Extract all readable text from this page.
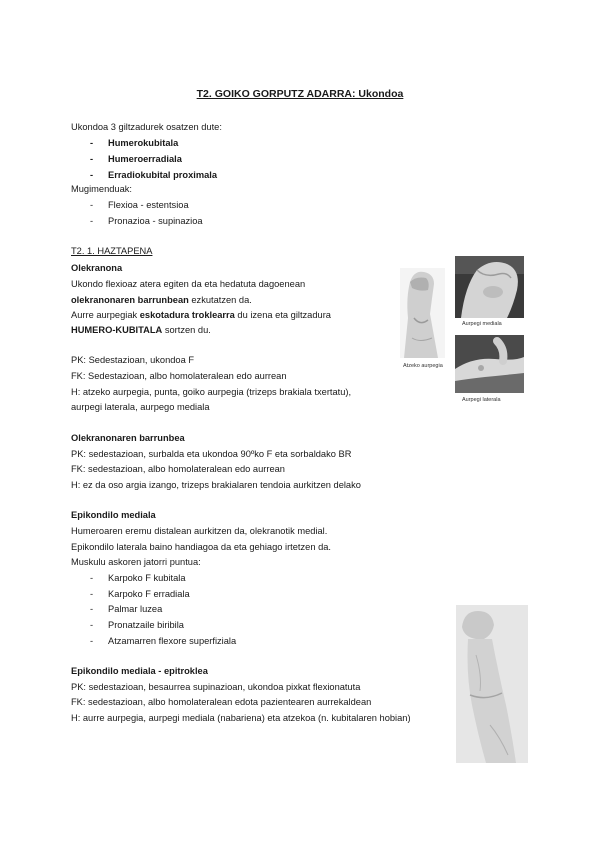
T2. GOIKO GORPUTZ ADARRA: Ukondoa
Ukondoa 3 giltzadurek osatzen dute:
- Humerokubitala
- Humeroerradiala
- Erradiokubital proximala
Mugimenduak:
- Flexioa - estentsioa
- Pronazioa - supinazioa
T2. 1. HAZTAPENA
Olekranona
Ukondo flexioaz atera egiten da eta hedatuta dagoenean
olekranonaren barrunbean ezkutatzen da.
Aurre aurpegiak eskotadura troklearra du izena eta giltzadura
HUMERO-KUBITALA sortzen du.
PK: Sedestazioan, ukondoa F
FK: Sedestazioan, albo homolateralean edo aurrean
H: atzeko aurpegia, punta, goiko aurpegia (trizeps brakiala txertatu),
aurpegi laterala, aurpego mediala
Olekranonaren barrunbea
PK: sedestazioan, surbalda eta ukondoa 90ºko F eta sorbaldako BR
FK: sedestazioan, albo homolateralean edo aurrean
H: ez da oso argia izango, trizeps brakialaren tendoia aurkitzen delako
Epikondilo mediala
Humeroaren eremu distalean aurkitzen da, olekranotik medial.
Epikondilo laterala baino handiagoa da eta gehiago irtetzen da.
Muskulu askoren jatorri puntua:
- Karpoko F kubitala
- Karpoko F erradiala
- Palmar luzea
- Pronatzaile biribila
- Atzamarren flexore superfiziala
Epikondilo mediala - epitroklea
PK: sedestazioan, besaurrea supinazioan, ukondoa pixkat flexionatuta
FK: sedestazioan, albo homolateralean edota pazientearen aurrekaldean
H: aurre aurpegia, aurpegi mediala (nabariena) eta atzekoa (n. kubitalaren hobian)
Atzeko aurpegia
Aurpegi mediala
Aurpegi laterala
